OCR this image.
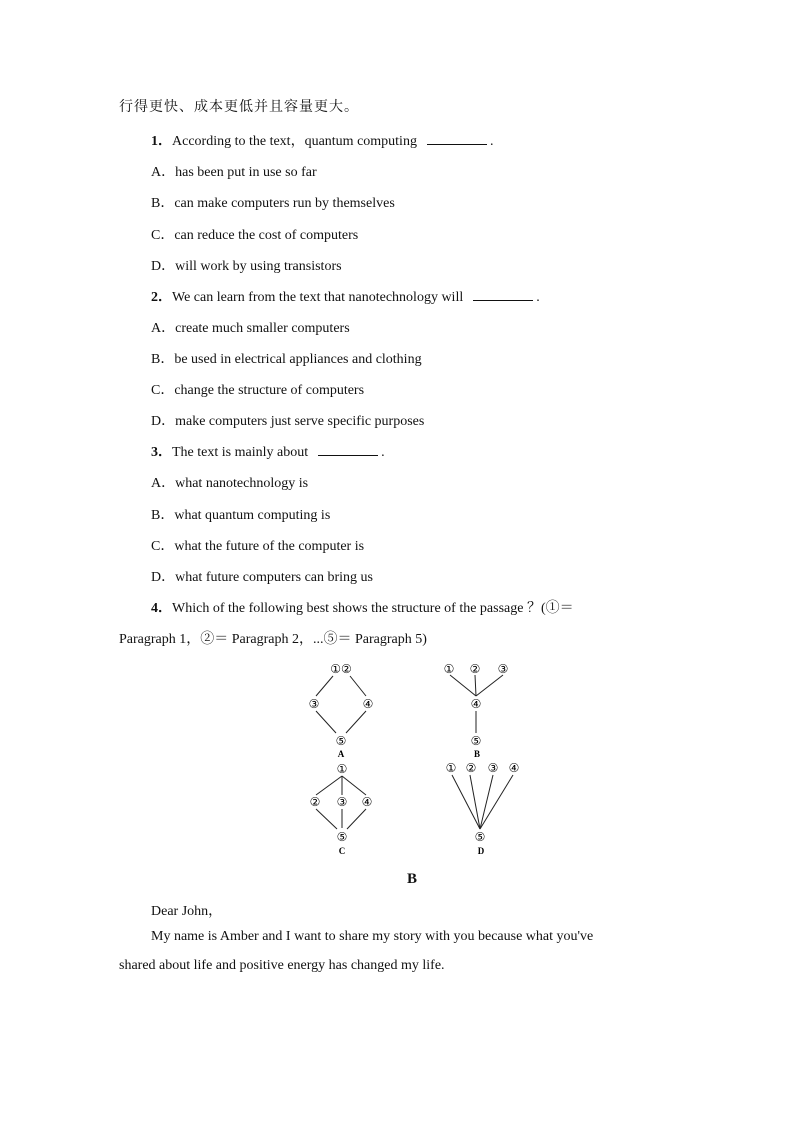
行得更快、成本更低并且容量更大。
1．According to the text，quantum computing	.
A．has been put in use so far
B．can make computers run by themselves
C．can reduce the cost of computers
D．will work by using transistors
2．We can learn from the text that nanotechnology will	.
A．create much smaller computers
B．be used in electrical appliances and clothing
C．change the structure of computers
D．make computers just serve specific purposes
3．The text is mainly about	.
A．what nanotechnology is
B．what quantum computing is
C．what the future of the computer is
D．what future computers can bring us
4．Which of the following best shows the structure of the passage ？(①＝
Paragraph 1，②＝ Paragraph 2，...⑤＝ Paragraph 5)
①②
③	④
⑤
A
① ② ③
④
⑤
B
①
② ③ ④
⑤
C
① ② ③ ④
⑤
D
B
Dear John，
My name is Amber and I want to share my story with you because what you've
shared about life and positive energy has changed my life.
